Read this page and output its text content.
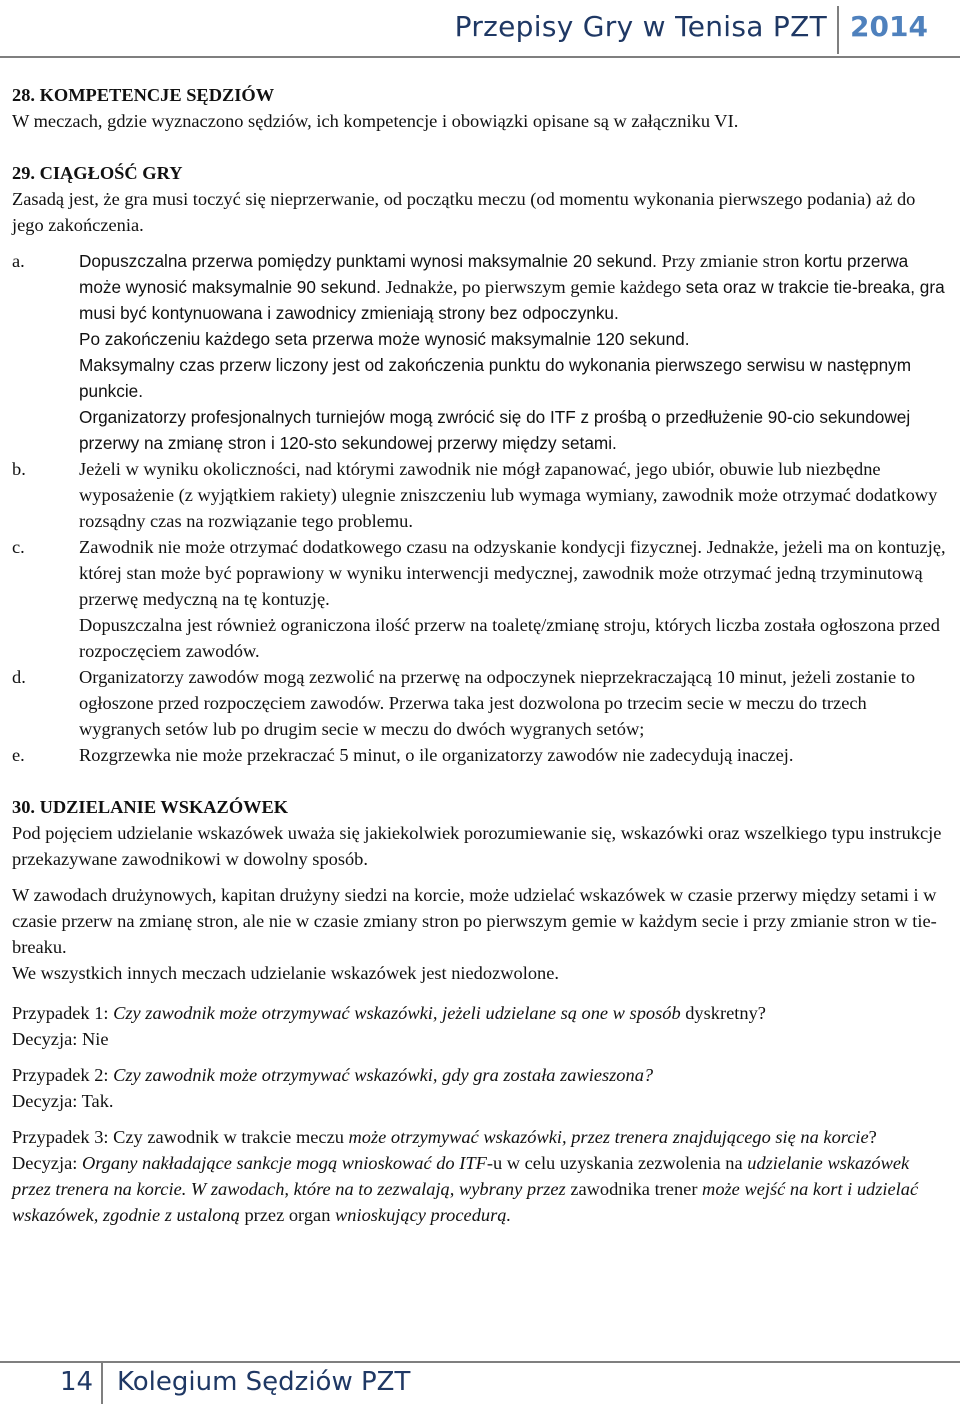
Przepisy Gry w Tenisa PZT 2014
28. KOMPETENCJE SĘDZIÓW
W meczach, gdzie wyznaczono sędziów, ich kompetencje i obowiązki opisane są w załączniku VI.
29. CIĄGŁOŚĆ GRY
Zasadą jest, że gra musi toczyć się nieprzerwanie, od początku meczu (od momentu wykonania pierwszego podania) aż do jego zakończenia.
a.	Dopuszczalna przerwa pomiędzy punktami wynosi maksymalnie 20 sekund. Przy zmianie stron kortu przerwa może wynosić maksymalnie 90 sekund. Jednakże, po pierwszym gemie każdego seta oraz w trakcie tie-breaka, gra musi być kontynuowana i zawodnicy zmieniają strony bez odpoczynku.
Po zakończeniu każdego seta przerwa może wynosić maksymalnie 120 sekund.
Maksymalny czas przerw liczony jest od zakończenia punktu do wykonania pierwszego serwisu w następnym punkcie.
Organizatorzy profesjonalnych turniejów mogą zwrócić się do ITF z prośbą o przedłużenie 90-cio sekundowej przerwy na zmianę stron i 120-sto sekundowej przerwy między setami.
b.	Jeżeli w wyniku okoliczności, nad którymi zawodnik nie mógł zapanować, jego ubiór, obuwie lub niezbędne wyposażenie (z wyjątkiem rakiety) ulegnie zniszczeniu lub wymaga wymiany, zawodnik może otrzymać dodatkowy rozsądny czas na rozwiązanie tego problemu.
c.	Zawodnik nie może otrzymać dodatkowego czasu na odzyskanie kondycji fizycznej. Jednakże, jeżeli ma on kontuzję, której stan może być poprawiony w wyniku interwencji medycznej, zawodnik może otrzymać jedną trzyminutową przerwę medyczną na tę kontuzję.
Dopuszczalna jest również ograniczona ilość przerw na toaletę/zmianę stroju, których liczba została ogłoszona przed rozpoczęciem zawodów.
d.	Organizatorzy zawodów mogą zezwolić na przerwę na odpoczynek nieprzekraczającą 10 minut, jeżeli zostanie to ogłoszone przed rozpoczęciem zawodów. Przerwa taka jest dozwolona po trzecim secie w meczu do trzech wygranych setów lub po drugim secie w meczu do dwóch wygranych setów;
e.	Rozgrzewka nie może przekraczać 5 minut, o ile organizatorzy zawodów nie zadecydują inaczej.
30. UDZIELANIE WSKAZÓWEK
Pod pojęciem udzielanie wskazówek uważa się jakiekolwiek porozumiewanie się, wskazówki oraz wszelkiego typu instrukcje przekazywane zawodnikowi w dowolny sposób.
W zawodach drużynowych, kapitan drużyny siedzi na korcie, może udzielać wskazówek w czasie przerwy między setami i w czasie przerw na zmianę stron, ale nie w czasie zmiany stron po pierwszym gemie w każdym secie i przy zmianie stron w tie-breaku.
We wszystkich innych meczach udzielanie wskazówek jest niedozwolone.
Przypadek 1: Czy zawodnik może otrzymywać wskazówki, jeżeli udzielane są one w sposób dyskretny?
Decyzja: Nie
Przypadek 2: Czy zawodnik może otrzymywać wskazówki, gdy gra została zawieszona?
Decyzja: Tak.
Przypadek 3: Czy zawodnik w trakcie meczu może otrzymywać wskazówki, przez trenera znajdującego się na korcie?
Decyzja: Organy nakładające sankcje mogą wnioskować do ITF-u w celu uzyskania zezwolenia na udzielanie wskazówek przez trenera na korcie. W zawodach, które na to zezwalają, wybrany przez zawodnika trener może wejść na kort i udzielać wskazówek, zgodnie z ustaloną przez organ wnioskujący procedurą.
14 Kolegium Sędziów PZT
